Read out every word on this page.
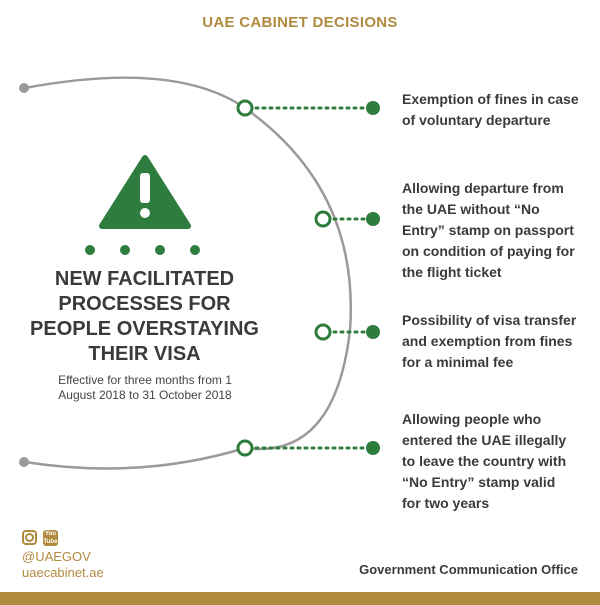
UAE CABINET DECISIONS
NEW FACILITATED
PROCESSES FOR
PEOPLE OVERSTAYING
THEIR VISA
Effective for three months from 1
August 2018 to 31 October 2018
Exemption of fines in case
of voluntary departure
Allowing departure from
the UAE without “No
Entry” stamp on passport
on condition of paying for
the flight ticket
Possibility of visa transfer
and exemption from fines
for a minimal fee
Allowing people who
entered the UAE illegally
to leave the country with
“No Entry” stamp valid
for two years
You
Tube
@UAEGOV
uaecabinet.ae	Government Communication Office
